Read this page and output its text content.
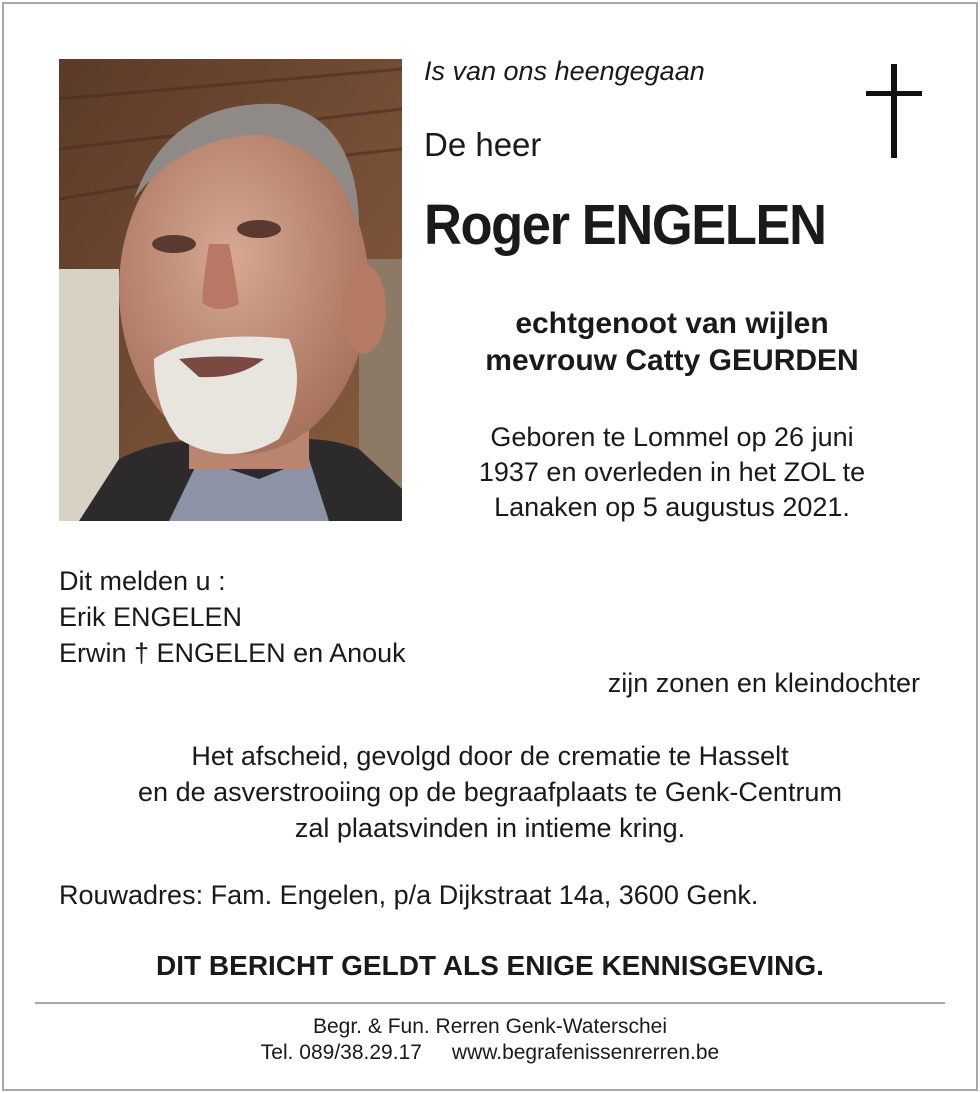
Is van ons heengegaan
De heer
Roger ENGELEN
echtgenoot van wijlen
mevrouw Catty GEURDEN
Geboren te Lommel op 26 juni
1937 en overleden in het ZOL te
Lanaken op 5 augustus 2021.
Dit melden u :
Erik ENGELEN
Erwin † ENGELEN en Anouk
zijn zonen en kleindochter
Het afscheid, gevolgd door de crematie te Hasselt
en de asverstrooiing op de begraafplaats te Genk-Centrum
zal plaatsvinden in intieme kring.
Rouwadres: Fam. Engelen, p/a Dijkstraat 14a, 3600 Genk.
DIT BERICHT GELDT ALS ENIGE KENNISGEVING.
Begr. & Fun. Rerren Genk-Waterschei
Tel. 089/38.29.17 www.begrafenissenrerren.be
